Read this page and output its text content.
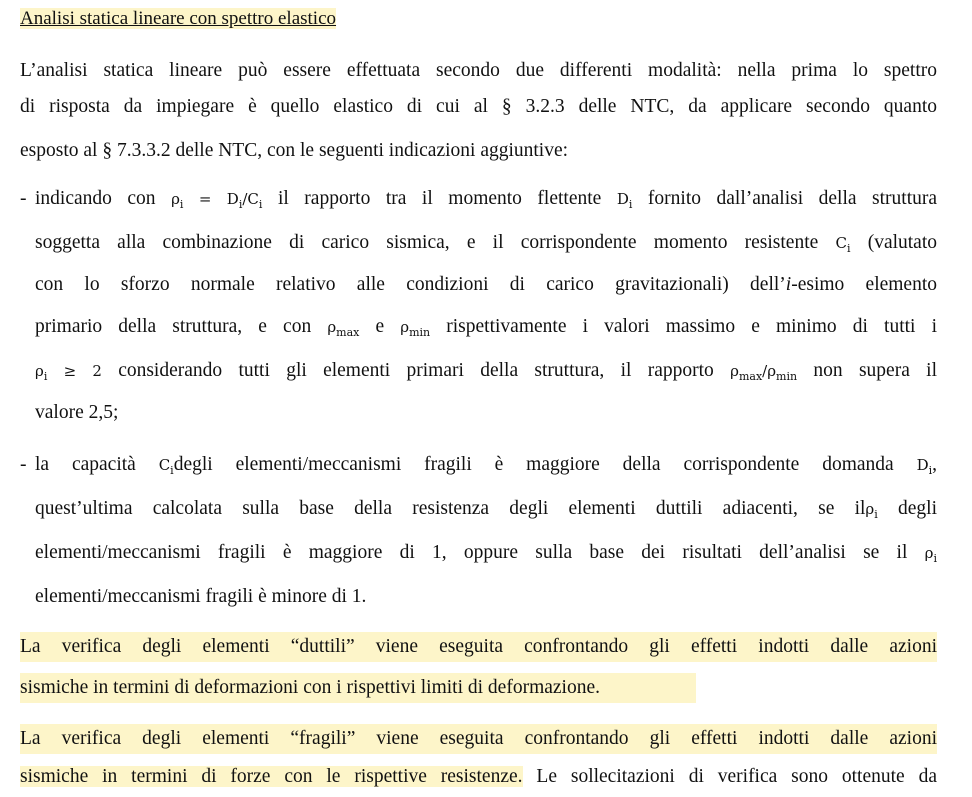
Analisi statica lineare con spettro elastico
L’analisi statica lineare può essere effettuata secondo due differenti modalità: nella prima lo spettro
di risposta da impiegare è quello elastico di cui al § 3.2.3 delle NTC, da applicare secondo quanto
esposto al § 7.3.3.2 delle NTC, con le seguenti indicazioni aggiuntive:
- indicando con $\rho_i = D_i/C_i$ il rapporto tra il momento flettente $D_i$ fornito dall’analisi della struttura
soggetta alla combinazione di carico sismica, e il corrispondente momento resistente $C_i$ (valutato
con lo sforzo normale relativo alle condizioni di carico gravitazionali) dell’i-esimo elemento
primario della struttura, e con $\rho_{max}$ e $\rho_{min}$ rispettivamente i valori massimo e minimo di tutti i
$\rho_i \ge 2$ considerando tutti gli elementi primari della struttura, il rapporto $\rho_{max}/\rho_{min}$ non supera il
valore 2,5;
- la capacità $C_idegli$ elementi/meccanismi fragili è maggiore della corrispondente domanda $D_i$,
quest’ultima calcolata sulla base della resistenza degli elementi duttili adiacenti, se ilρ$_i$ degli
elementi/meccanismi fragili è maggiore di 1, oppure sulla base dei risultati dell’analisi se il $\rho_i$
elementi/meccanismi fragili è minore di 1.
La verifica degli elementi “duttili” viene eseguita confrontando gli effetti indotti dalle azioni
sismiche in termini di deformazioni con i rispettivi limiti di deformazione.
La verifica degli elementi “fragili” viene eseguita confrontando gli effetti indotti dalle azioni
sismiche in termini di forze con le rispettive resistenze. Le sollecitazioni di verifica sono ottenute da
